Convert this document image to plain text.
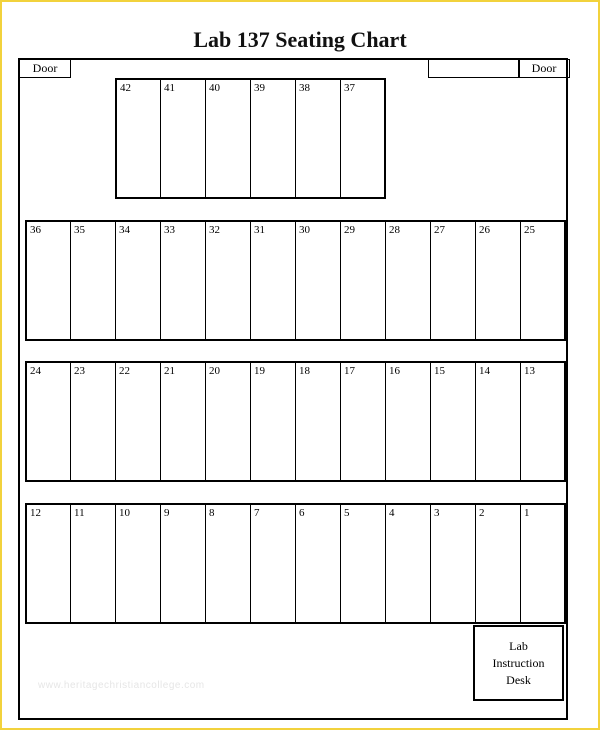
Lab 137 Seating Chart
Door	Door
www.heritagechristiancollege.com
Lab Instruction
Desk
42	41	40	39	38	37
36	35	34	33	32	31	30	29	28	27	26	25
24	23	22	21	20	19	18	17	16	15	14	13
12	11	10	9	8	7	6	5	4	3	2	1
